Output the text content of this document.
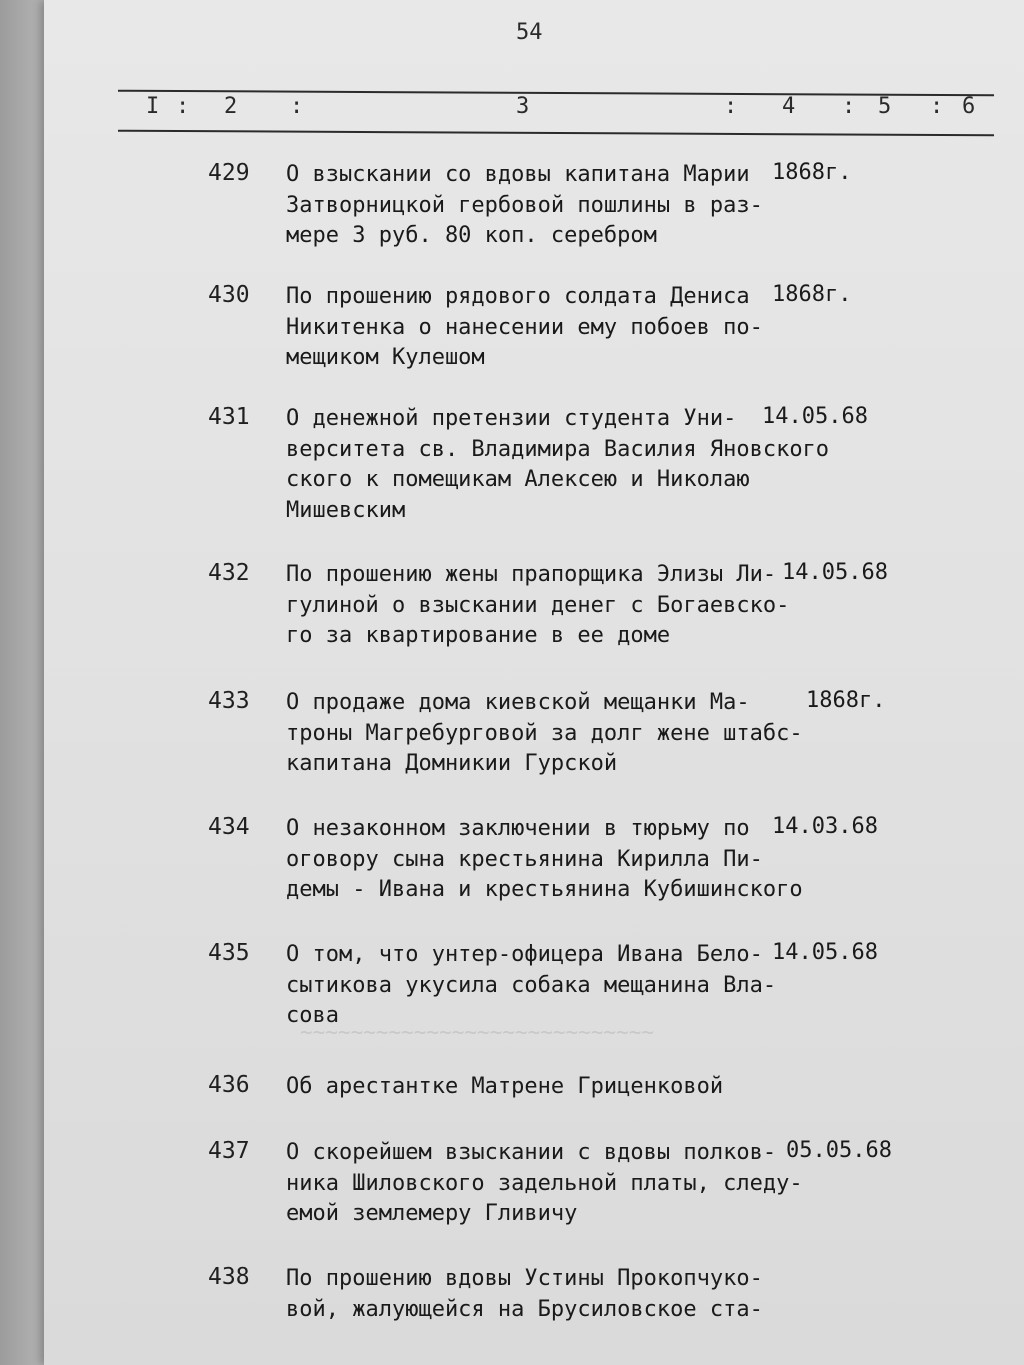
~~~~~~~~~~~~~~~~~~~~~~~~~~~~
54
I : 2 :	3	: 4 : 5 : 6
429 О взыскании со вдовы капитана Марии
Затворницкой гербовой пошлины в раз-
мере 3 руб. 80 коп. серебром
1868г.
430 По прошению рядового солдата Дениса
Никитенка о нанесении ему побоев по-
мещиком Кулешом
1868г.
431 О денежной претензии студента Уни-
верситета св. Владимира Василия Яновского
ского к помещикам Алексею и Николаю
Мишевским
14.05.68
432 По прошению жены прапорщика Элизы Ли-
гулиной о взыскании денег с Богаевско-
го за квартирование в ее доме
14.05.68
433 О продаже дома киевской мещанки Ма-
троны Магребурговой за долг жене штабс-
капитана Домникии Гурской
1868г.
434 О незаконном заключении в тюрьму по
оговору сына крестьянина Кирилла Пи-
демы - Ивана и крестьянина Кубишинского
14.03.68
435 О том, что унтер-офицера Ивана Бело-
сытикова укусила собака мещанина Вла-
сова
14.05.68
436 Об арестантке Матрене Гриценковой
437 О скорейшем взыскании с вдовы полков-
ника Шиловского задельной платы, следу-
емой землемеру Гливичу
05.05.68
438 По прошению вдовы Устины Прокопчуко-
вой, жалующейся на Брусиловское ста-
